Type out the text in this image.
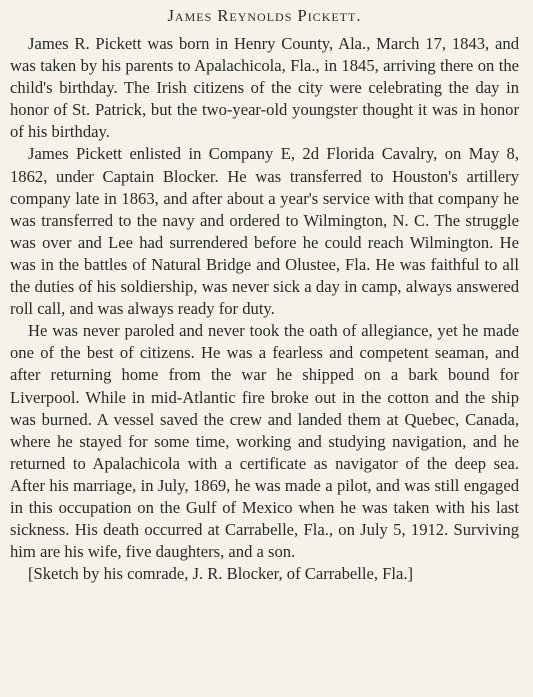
James Reynolds Pickett.

James R. Pickett was born in Henry County, Ala., March 17, 1843, and was taken by his parents to Apalachicola, Fla., in 1845, arriving there on the child's birthday. The Irish citizens of the city were celebrating the day in honor of St. Patrick, but the two-year-old youngster thought it was in honor of his birthday.

James Pickett enlisted in Company E, 2d Florida Cavalry, on May 8, 1862, under Captain Blocker. He was transferred to Houston's artillery company late in 1863, and after about a year's service with that company he was transferred to the navy and ordered to Wilmington, N. C. The struggle was over and Lee had surrendered before he could reach Wilmington. He was in the battles of Natural Bridge and Olustee, Fla. He was faithful to all the duties of his soldiership, was never sick a day in camp, always answered roll call, and was always ready for duty.

He was never paroled and never took the oath of allegiance, yet he made one of the best of citizens. He was a fearless and competent seaman, and after returning home from the war he shipped on a bark bound for Liverpool. While in mid-Atlantic fire broke out in the cotton and the ship was burned. A vessel saved the crew and landed them at Quebec, Canada, where he stayed for some time, working and studying navigation, and he returned to Apalachicola with a certificate as navigator of the deep sea. After his marriage, in July, 1869, he was made a pilot, and was still engaged in this occupation on the Gulf of Mexico when he was taken with his last sickness. His death occurred at Carrabelle, Fla., on July 5, 1912. Surviving him are his wife, five daughters, and a son.

[Sketch by his comrade, J. R. Blocker, of Carrabelle, Fla.]
